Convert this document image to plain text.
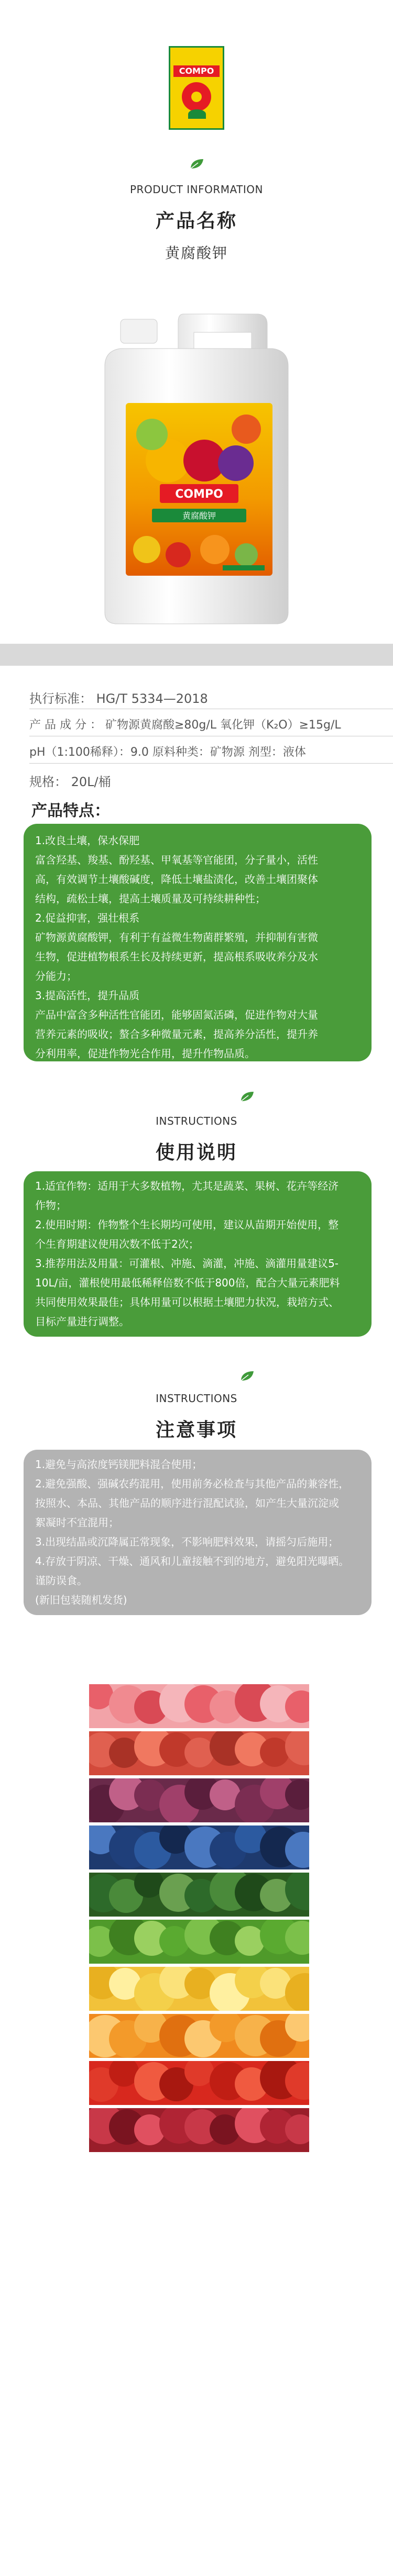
COMPO
PRODUCT INFORMATION
产品名称
黄腐酸钾
COMPO
黄腐酸钾
执行标准： HG/T 5334—2018
产 品 成 分 ： 矿物源黄腐酸≥80g/L 氧化钾（K₂O）≥15g/L
pH（1:100稀释）：9.0 原料种类：矿物源 剂型：液体
规格： 20L/桶
产品特点：

1.改良土壤，保水保肥

富含羟基、羧基、酚羟基、甲氧基等官能团，分子量小，活性

高，有效调节土壤酸碱度，降低土壤盐渍化，改善土壤团聚体

结构，疏松土壤，提高土壤质量及可持续耕种性；

2.促益抑害，强壮根系

矿物源黄腐酸钾，有利于有益微生物菌群繁殖，并抑制有害微

生物，促进植物根系生长及持续更新，提高根系吸收养分及水

分能力；

3.提高活性，提升品质

产品中富含多种活性官能团，能够固氮活磷，促进作物对大量

营养元素的吸收；螯合多种微量元素，提高养分活性，提升养

分利用率，促进作物光合作用，提升作物品质。

INSTRUCTIONS
使用说明

1.适宜作物：适用于大多数植物，尤其是蔬菜、果树、花卉等经济

作物；

2.使用时期：作物整个生长期均可使用，建议从苗期开始使用，整

个生育期建议使用次数不低于2次；

3.推荐用法及用量：可灌根、冲施、滴灌，冲施、滴灌用量建议5-

10L/亩，灌根使用最低稀释倍数不低于800倍，配合大量元素肥料

共同使用效果最佳；具体用量可以根据土壤肥力状况，栽培方式、

目标产量进行调整。

INSTRUCTIONS
注意事项

1.避免与高浓度钙镁肥料混合使用；

2.避免强酸、强碱农药混用，使用前务必检查与其他产品的兼容性，

按照水、本品、其他产品的顺序进行混配试验，如产生大量沉淀或

絮凝时不宜混用；

3.出现结晶或沉降属正常现象，不影响肥料效果，请摇匀后施用；

4.存放于阴凉、干燥、通风和儿童接触不到的地方，避免阳光曝晒。

谨防误食。

(新旧包装随机发货)
